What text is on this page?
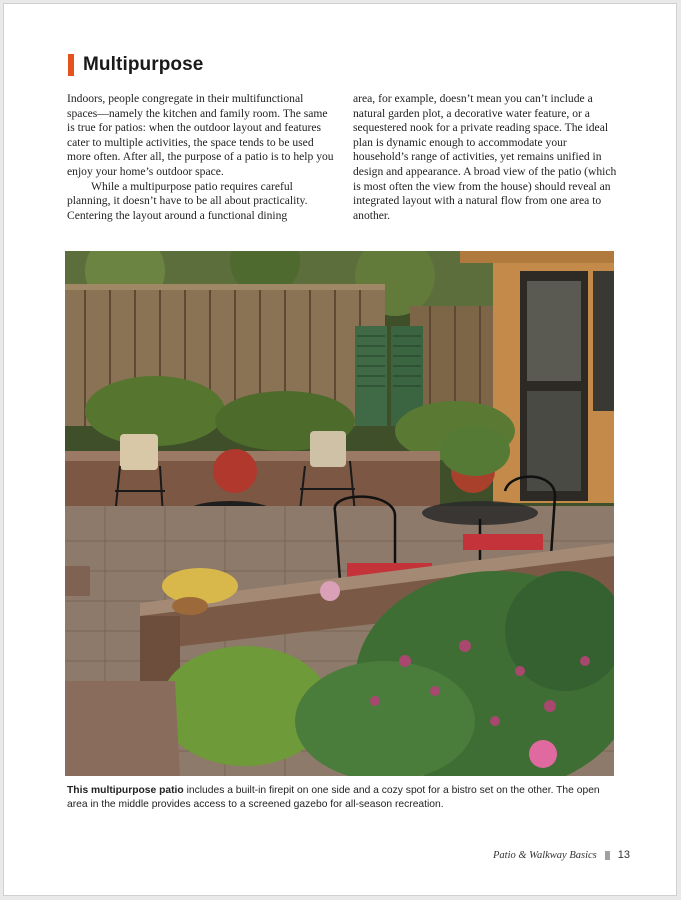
Multipurpose

Indoors, people congregate in their multifunctional spaces—namely the kitchen and family room. The same is true for patios: when the outdoor layout and features cater to multiple activities, the space tends to be used more often. After all, the purpose of a patio is to help you enjoy your home’s outdoor space.

While a multipurpose patio requires careful planning, it doesn’t have to be all about practicality. Centering the layout around a functional dining

area, for example, doesn’t mean you can’t include a natural garden plot, a decorative water feature, or a sequestered nook for a private reading space. The ideal plan is dynamic enough to accommodate your household’s range of activities, yet remains unified in design and appearance. A broad view of the patio (which is most often the view from the house) should reveal an integrated layout with a natural flow from one area to another.

This multipurpose patio includes a built-in firepit on one side and a cozy spot for a bistro set on the other. The open area in the middle provides access to a screened gazebo for all-season recreation.
Patio & Walkway Basics 13
